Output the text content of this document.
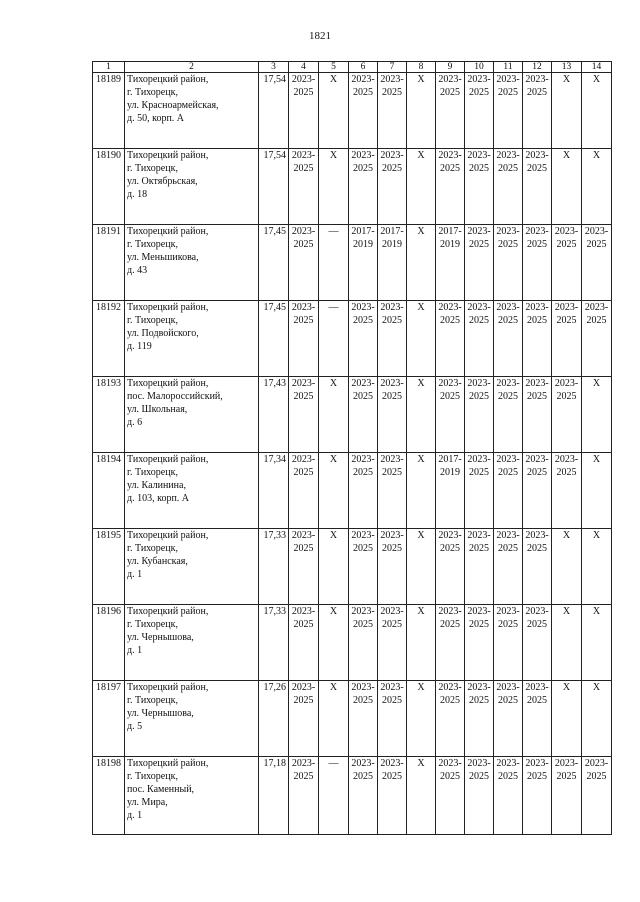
1821
1	2	3	4	5	6	7	8	9	10	11	12	13	14
18189	Тихорецкий район,
г. Тихорецк,
ул. Красноармейская,
д. 50, корп. А	17,54	2023-
2025	Х	2023-
2025	2023-
2025	Х	2023-
2025	2023-
2025	2023-
2025	2023-
2025	Х	Х
18190	Тихорецкий район,
г. Тихорецк,
ул. Октябрьская,
д. 18	17,54	2023-
2025	Х	2023-
2025	2023-
2025	Х	2023-
2025	2023-
2025	2023-
2025	2023-
2025	Х	Х
18191	Тихорецкий район,
г. Тихорецк,
ул. Меньшикова,
д. 43	17,45	2023-
2025	—	2017-
2019	2017-
2019	Х	2017-
2019	2023-
2025	2023-
2025	2023-
2025	2023-
2025	2023-
2025
18192	Тихорецкий район,
г. Тихорецк,
ул. Подвойского,
д. 119	17,45	2023-
2025	—	2023-
2025	2023-
2025	Х	2023-
2025	2023-
2025	2023-
2025	2023-
2025	2023-
2025	2023-
2025
18193	Тихорецкий район,
пос. Малороссийский,
ул. Школьная,
д. 6	17,43	2023-
2025	Х	2023-
2025	2023-
2025	Х	2023-
2025	2023-
2025	2023-
2025	2023-
2025	2023-
2025	Х
18194	Тихорецкий район,
г. Тихорецк,
ул. Калинина,
д. 103, корп. А	17,34	2023-
2025	Х	2023-
2025	2023-
2025	Х	2017-
2019	2023-
2025	2023-
2025	2023-
2025	2023-
2025	Х
18195	Тихорецкий район,
г. Тихорецк,
ул. Кубанская,
д. 1	17,33	2023-
2025	Х	2023-
2025	2023-
2025	Х	2023-
2025	2023-
2025	2023-
2025	2023-
2025	Х	Х
18196	Тихорецкий район,
г. Тихорецк,
ул. Чернышова,
д. 1	17,33	2023-
2025	Х	2023-
2025	2023-
2025	Х	2023-
2025	2023-
2025	2023-
2025	2023-
2025	Х	Х
18197	Тихорецкий район,
г. Тихорецк,
ул. Чернышова,
д. 5	17,26	2023-
2025	Х	2023-
2025	2023-
2025	Х	2023-
2025	2023-
2025	2023-
2025	2023-
2025	Х	Х
18198	Тихорецкий район,
г. Тихорецк,
пос. Каменный,
ул. Мира,
д. 1	17,18	2023-
2025	—	2023-
2025	2023-
2025	Х	2023-
2025	2023-
2025	2023-
2025	2023-
2025	2023-
2025	2023-
2025
